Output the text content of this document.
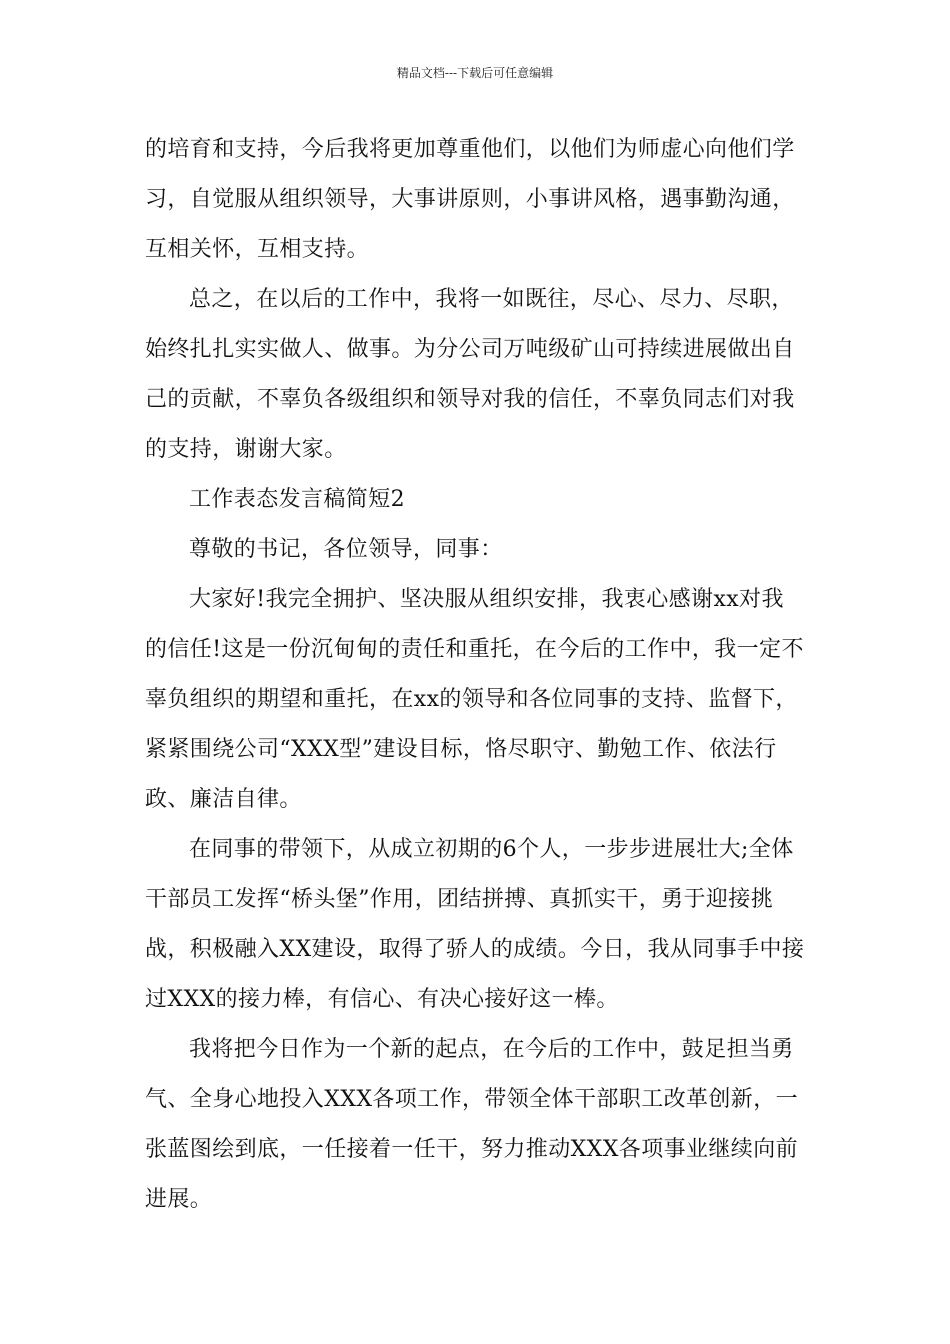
精品文档---下载后可任意编辑
的培育和支持，今后我将更加尊重他们，以他们为师虚心向他们学
习，自觉服从组织领导，大事讲原则，小事讲风格，遇事勤沟通，
互相关怀，互相支持。
总之，在以后的工作中，我将一如既往，尽心、尽力、尽职，
始终扎扎实实做人、做事。为分公司万吨级矿山可持续进展做出自
己的贡献，不辜负各级组织和领导对我的信任，不辜负同志们对我
的支持，谢谢大家。
工作表态发言稿简短2
尊敬的书记，各位领导，同事：
大家好!我完全拥护、坚决服从组织安排，我衷心感谢xx对我
的信任!这是一份沉甸甸的责任和重托，在今后的工作中，我一定不
辜负组织的期望和重托，在xx的领导和各位同事的支持、监督下，
紧紧围绕公司“XXX型”建设目标，恪尽职守、勤勉工作、依法行
政、廉洁自律。
在同事的带领下，从成立初期的6个人，一步步进展壮大;全体
干部员工发挥“桥头堡”作用，团结拼搏、真抓实干，勇于迎接挑
战，积极融入XX建设，取得了骄人的成绩。今日，我从同事手中接
过XXX的接力棒，有信心、有决心接好这一棒。
我将把今日作为一个新的起点，在今后的工作中，鼓足担当勇
气、全身心地投入XXX各项工作，带领全体干部职工改革创新，一
张蓝图绘到底，一任接着一任干，努力推动XXX各项事业继续向前
进展。
